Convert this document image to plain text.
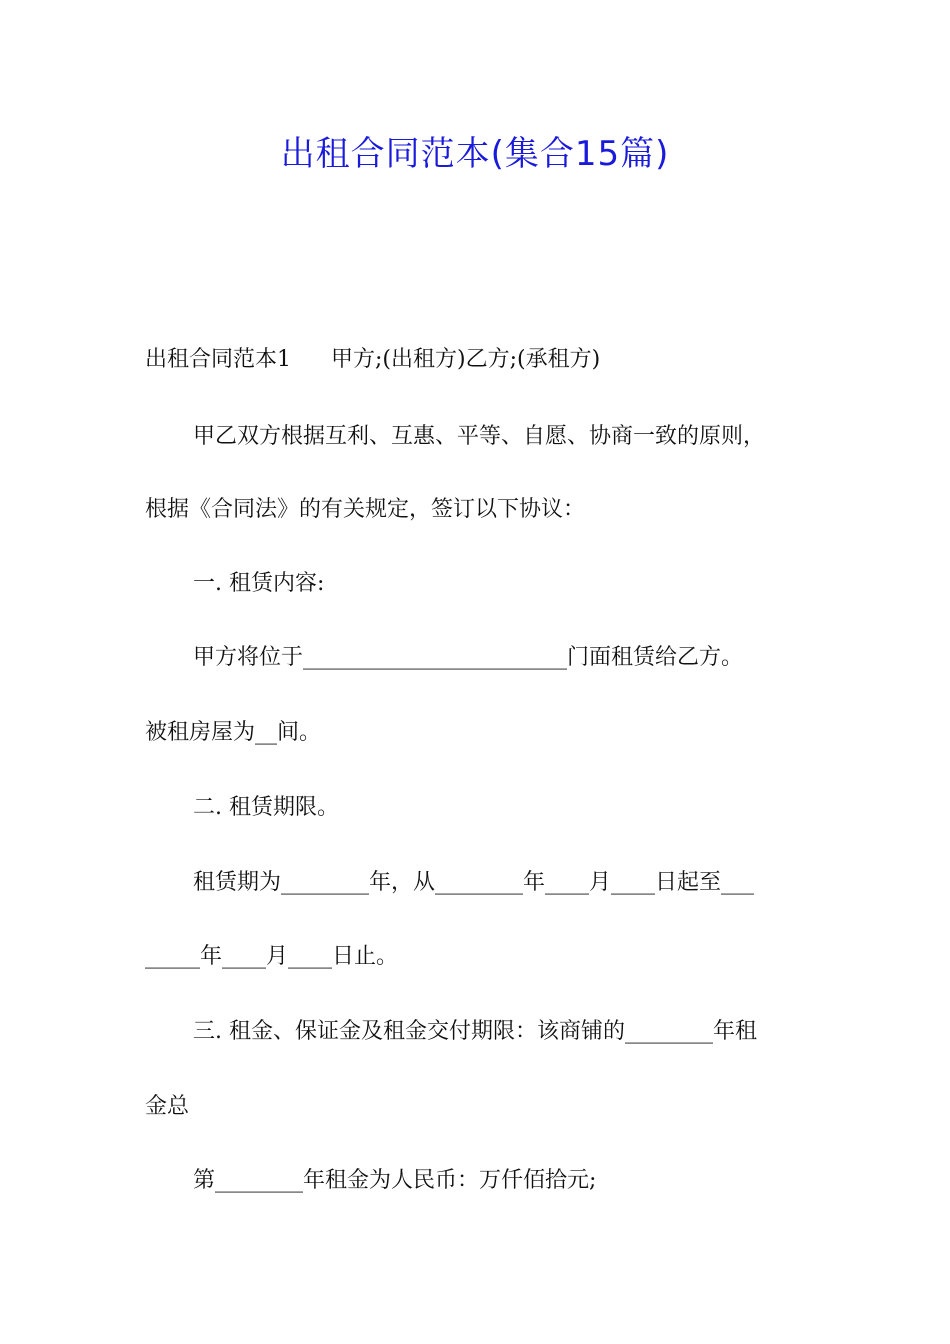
出租合同范本(集合15篇)
出租合同范本1 甲方;(出租方)乙方;(承租方)
甲乙双方根据互利、互惠、平等、自愿、协商一致的原则，
根据《合同法》的有关规定，签订以下协议：
一. 租赁内容:
甲方将位于________________________门面租赁给乙方。
被租房屋为__间。
二. 租赁期限。
租赁期为________年，从________年____月____日起至___
_____年____月____日止。
三. 租金、保证金及租金交付期限：该商铺的________年租
金总
第________年租金为人民币：万仟佰拾元;
